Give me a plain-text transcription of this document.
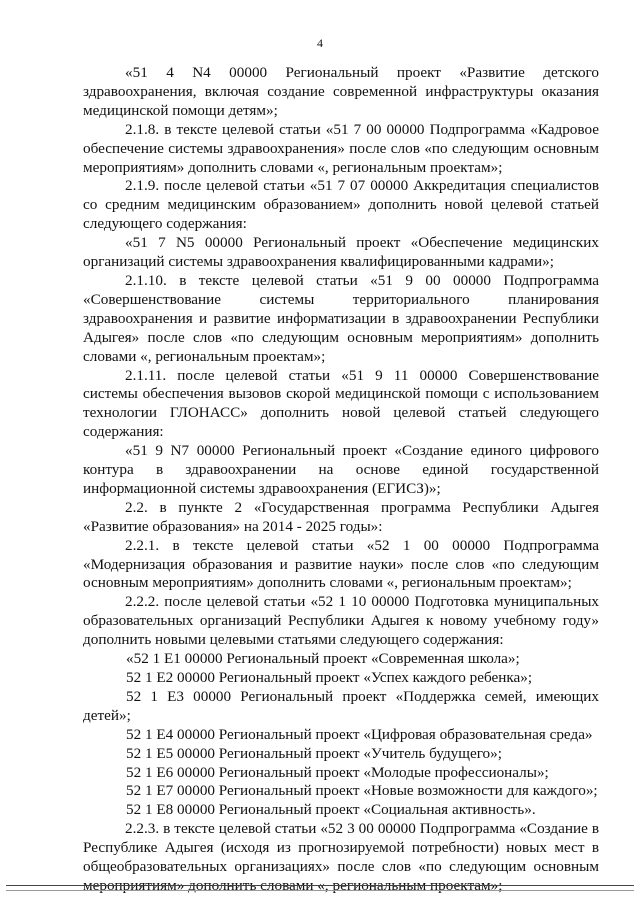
4

«51 4 N4 00000 Региональный проект «Развитие детского здравоохранения, включая создание современной инфраструктуры оказания медицинской помощи детям»;

2.1.8. в тексте целевой статьи «51 7 00 00000 Подпрограмма «Кадровое обеспечение системы здравоохранения» после слов «по следующим основным мероприятиям» дополнить словами «, региональным проектам»;

2.1.9. после целевой статьи «51 7 07 00000 Аккредитация специалистов со средним медицинским образованием» дополнить новой целевой статьей следующего содержания:

«51 7 N5 00000 Региональный проект «Обеспечение медицинских организаций системы здравоохранения квалифицированными кадрами»;

2.1.10. в тексте целевой статьи «51 9 00 00000 Подпрограмма «Совершенствование системы территориального планирования здравоохранения и развитие информатизации в здравоохранении Республики Адыгея» после слов «по следующим основным мероприятиям» дополнить словами «, региональным проектам»;

2.1.11. после целевой статьи «51 9 11 00000 Совершенствование системы обеспечения вызовов скорой медицинской помощи с использованием технологии ГЛОНАСС» дополнить новой целевой статьей следующего содержания:

«51 9 N7 00000 Региональный проект «Создание единого цифрового контура в здравоохранении на основе единой государственной информационной системы здравоохранения (ЕГИСЗ)»;

2.2. в пункте 2 «Государственная программа Республики Адыгея «Развитие образования» на 2014 - 2025 годы»:

2.2.1. в тексте целевой статьи «52 1 00 00000 Подпрограмма «Модернизация образования и развитие науки» после слов «по следующим основным мероприятиям» дополнить словами «, региональным проектам»;

2.2.2. после целевой статьи «52 1 10 00000 Подготовка муниципальных образовательных организаций Республики Адыгея к новому учебному году» дополнить новыми целевыми статьями следующего содержания:

«52 1 E1 00000 Региональный проект «Современная школа»;

52 1 E2 00000 Региональный проект «Успех каждого ребенка»;

52 1 E3 00000 Региональный проект «Поддержка семей, имеющих детей»;

52 1 E4 00000 Региональный проект «Цифровая образовательная среда»

52 1 E5 00000 Региональный проект «Учитель будущего»;

52 1 E6 00000 Региональный проект «Молодые профессионалы»;

52 1 E7 00000 Региональный проект «Новые возможности для каждого»;

52 1 E8 00000 Региональный проект «Социальная активность».

2.2.3. в тексте целевой статьи «52 3 00 00000 Подпрограмма «Создание в Республике Адыгея (исходя из прогнозируемой потребности) новых мест в общеобразовательных организациях» после слов «по следующим основным мероприятиям» дополнить словами «, региональным проектам»;
